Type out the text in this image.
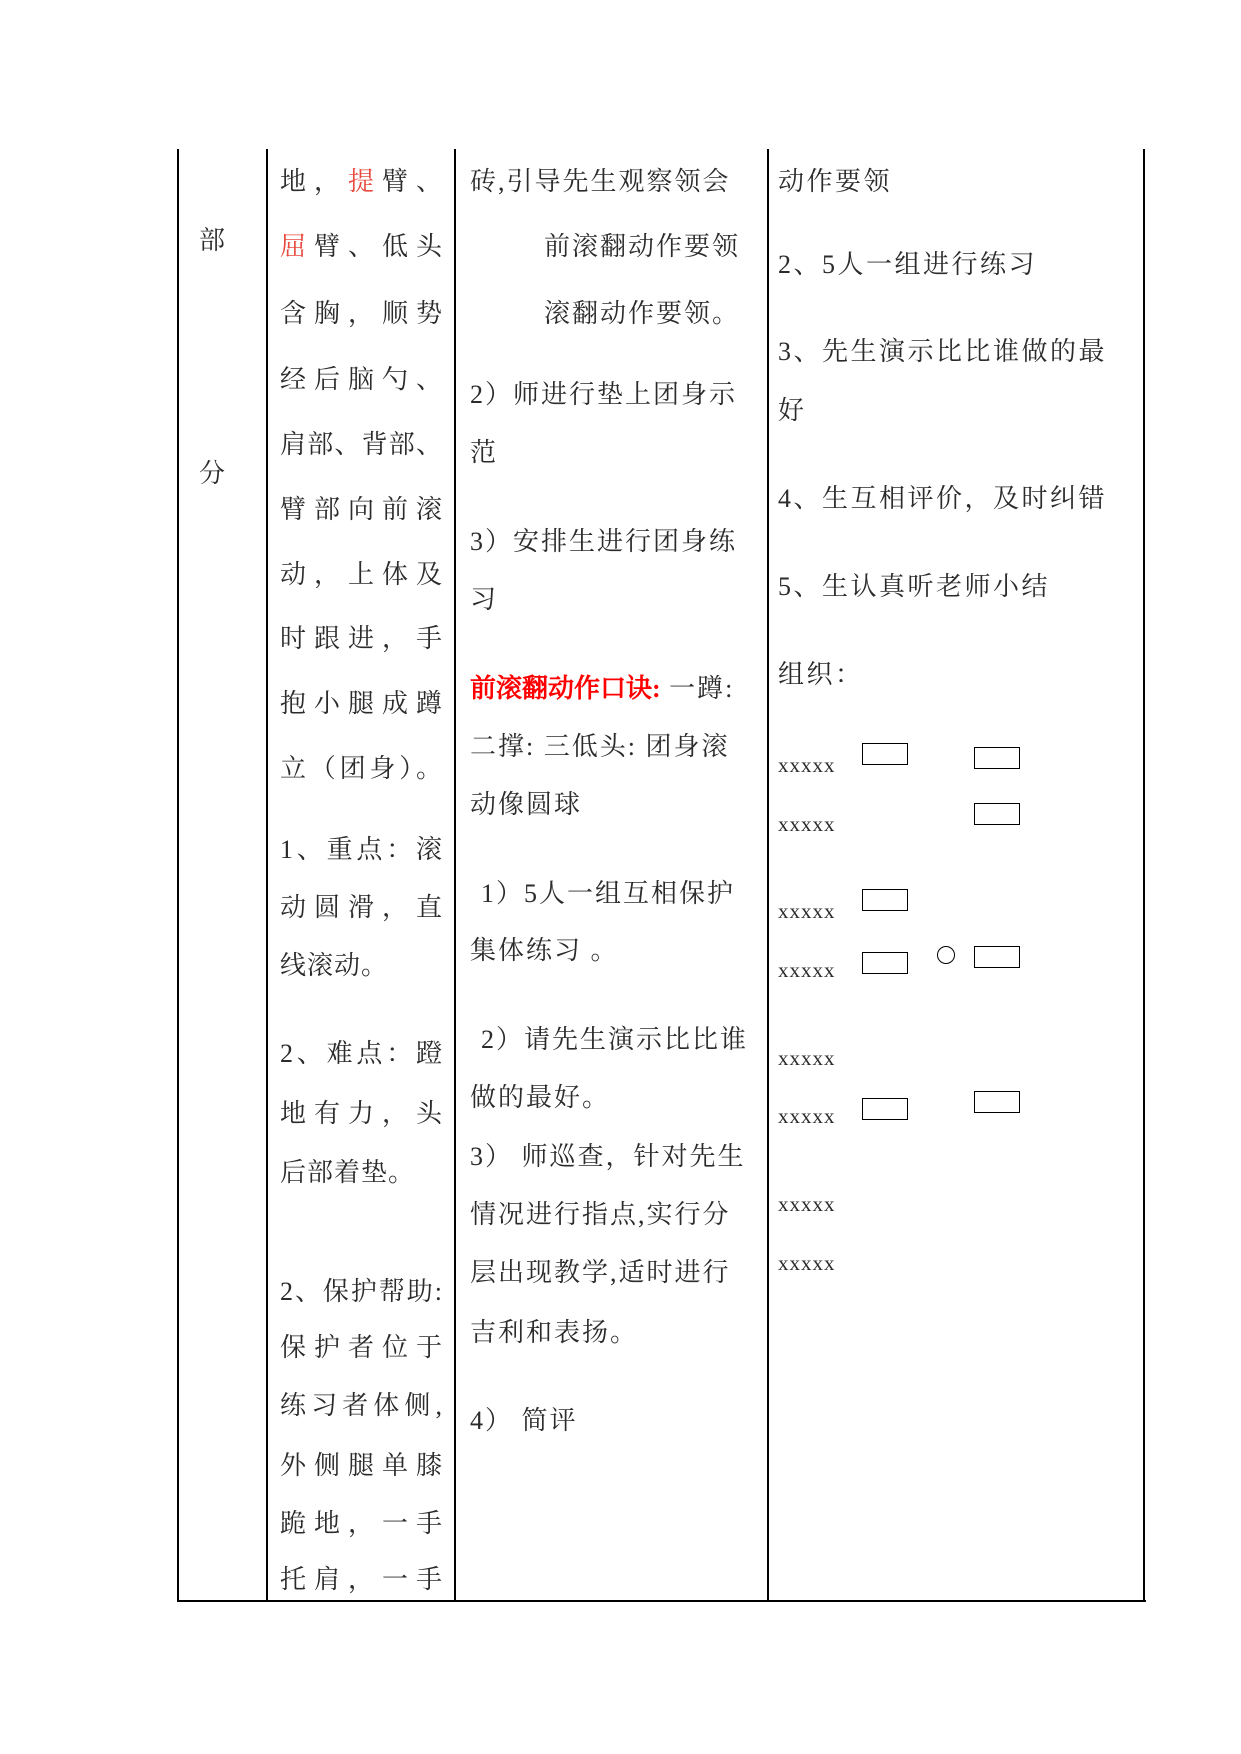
部
分
地，提臂、
屈臂、低头
含胸，顺势
经后脑勺、
肩部、背部、
臂部向前滚
动，上体及
时跟进，手
抱小腿成蹲
立（团身）。
1、重点：滚
动圆滑，直
线滚动。
2、难点：蹬
地有力，头
后部着垫。
2、保护帮助:
保护者位于
练习者体侧,
外侧腿单膝
跪地，一手
托肩，一手
砖,引导先生观察领会
前滚翻动作要领
滚翻动作要领。
2）师进行垫上团身示
范
3）安排生进行团身练
习
前滚翻动作口诀: 一蹲:
二撑: 三低头: 团身滚
动像圆球
1）5人一组互相保护
集体练习 。
2）请先生演示比比谁
做的最好。
3） 师巡查，针对先生
情况进行指点,实行分
层出现教学,适时进行
吉利和表扬。
4） 简评
动作要领
2、5人一组进行练习
3、先生演示比比谁做的最
好
4、生互相评价，及时纠错
5、生认真听老师小结
组织：
xxxxx
xxxxx
xxxxx
xxxxx
xxxxx
xxxxx
xxxxx
xxxxx
